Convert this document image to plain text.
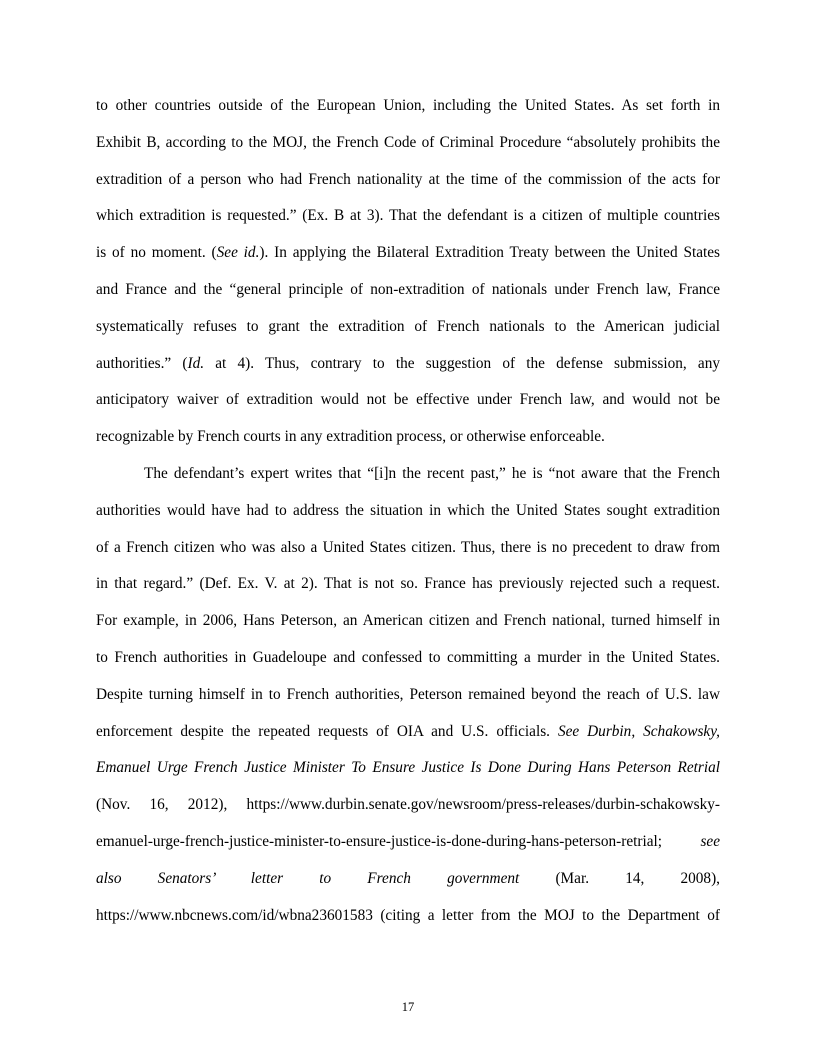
to other countries outside of the European Union, including the United States. As set forth in
Exhibit B, according to the MOJ, the French Code of Criminal Procedure “absolutely prohibits the
extradition of a person who had French nationality at the time of the commission of the acts for
which extradition is requested.” (Ex. B at 3). That the defendant is a citizen of multiple countries
is of no moment. (See id.). In applying the Bilateral Extradition Treaty between the United States
and France and the “general principle of non-extradition of nationals under French law, France
systematically refuses to grant the extradition of French nationals to the American judicial
authorities.” (Id. at 4). Thus, contrary to the suggestion of the defense submission, any
anticipatory waiver of extradition would not be effective under French law, and would not be
recognizable by French courts in any extradition process, or otherwise enforceable.
The defendant’s expert writes that “[i]n the recent past,” he is “not aware that the French
authorities would have had to address the situation in which the United States sought extradition
of a French citizen who was also a United States citizen. Thus, there is no precedent to draw from
in that regard.” (Def. Ex. V. at 2). That is not so. France has previously rejected such a request.
For example, in 2006, Hans Peterson, an American citizen and French national, turned himself in
to French authorities in Guadeloupe and confessed to committing a murder in the United States.
Despite turning himself in to French authorities, Peterson remained beyond the reach of U.S. law
enforcement despite the repeated requests of OIA and U.S. officials. See Durbin, Schakowsky,
Emanuel Urge French Justice Minister To Ensure Justice Is Done During Hans Peterson Retrial
(Nov. 16, 2012), https://www.durbin.senate.gov/newsroom/press-releases/durbin-schakowsky-
emanuel-urge-french-justice-minister-to-ensure-justice-is-done-during-hans-peterson-retrial; see
also Senators’ letter to French government (Mar. 14, 2008),
https://www.nbcnews.com/id/wbna23601583 (citing a letter from the MOJ to the Department of
17
